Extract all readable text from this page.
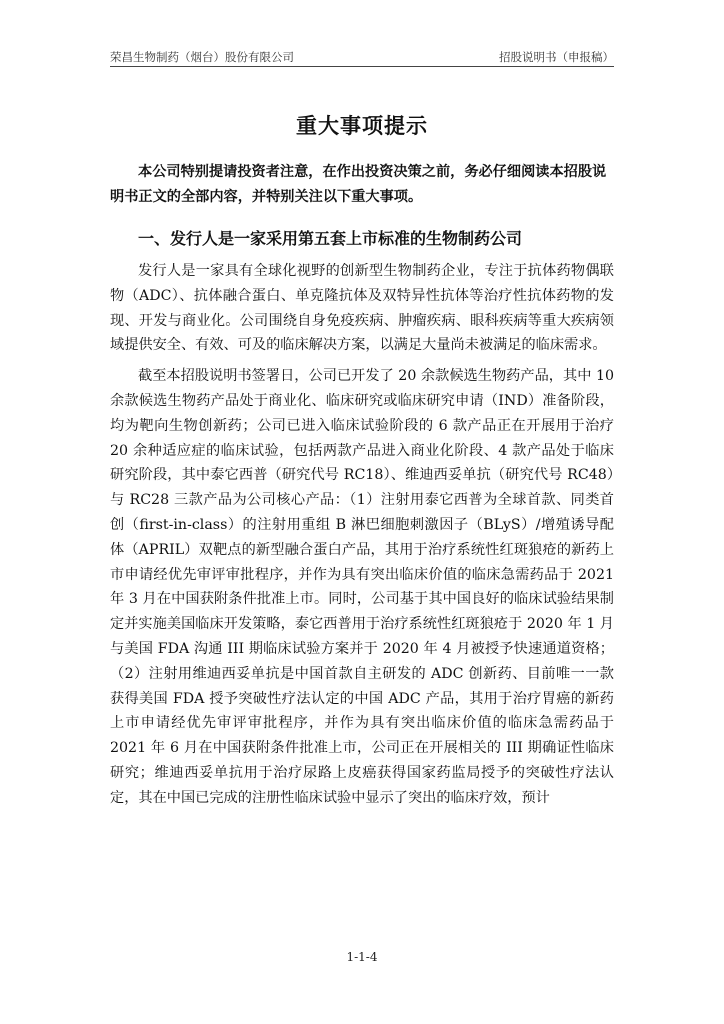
荣昌生物制药（烟台）股份有限公司	招股说明书（申报稿）
重大事项提示

本公司特别提请投资者注意，在作出投资决策之前，务必仔细阅读本招股说明书正文的全部内容，并特别关注以下重大事项。

一、发行人是一家采用第五套上市标准的生物制药公司

发行人是一家具有全球化视野的创新型生物制药企业，专注于抗体药物偶联物（ADC）、抗体融合蛋白、单克隆抗体及双特异性抗体等治疗性抗体药物的发现、开发与商业化。公司围绕自身免疫疾病、肿瘤疾病、眼科疾病等重大疾病领域提供安全、有效、可及的临床解决方案，以满足大量尚未被满足的临床需求。

截至本招股说明书签署日，公司已开发了 20 余款候选生物药产品，其中 10 余款候选生物药产品处于商业化、临床研究或临床研究申请（IND）准备阶段，均为靶向生物创新药；公司已进入临床试验阶段的 6 款产品正在开展用于治疗 20 余种适应症的临床试验，包括两款产品进入商业化阶段、4 款产品处于临床研究阶段，其中泰它西普（研究代号 RC18）、维迪西妥单抗（研究代号 RC48）与 RC28 三款产品为公司核心产品：（1）注射用泰它西普为全球首款、同类首创（first-in-class）的注射用重组 B 淋巴细胞刺激因子（BLyS）/增殖诱导配体（APRIL）双靶点的新型融合蛋白产品，其用于治疗系统性红斑狼疮的新药上市申请经优先审评审批程序，并作为具有突出临床价值的临床急需药品于 2021 年 3 月在中国获附条件批准上市。同时，公司基于其中国良好的临床试验结果制定并实施美国临床开发策略，泰它西普用于治疗系统性红斑狼疮于 2020 年 1 月与美国 FDA 沟通 III 期临床试验方案并于 2020 年 4 月被授予快速通道资格；（2）注射用维迪西妥单抗是中国首款自主研发的 ADC 创新药、目前唯一一款获得美国 FDA 授予突破性疗法认定的中国 ADC 产品，其用于治疗胃癌的新药上市申请经优先审评审批程序，并作为具有突出临床价值的临床急需药品于 2021 年 6 月在中国获附条件批准上市，公司正在开展相关的 III 期确证性临床研究；维迪西妥单抗用于治疗尿路上皮癌获得国家药监局授予的突破性疗法认定，其在中国已完成的注册性临床试验中显示了突出的临床疗效，预计

1-1-4
